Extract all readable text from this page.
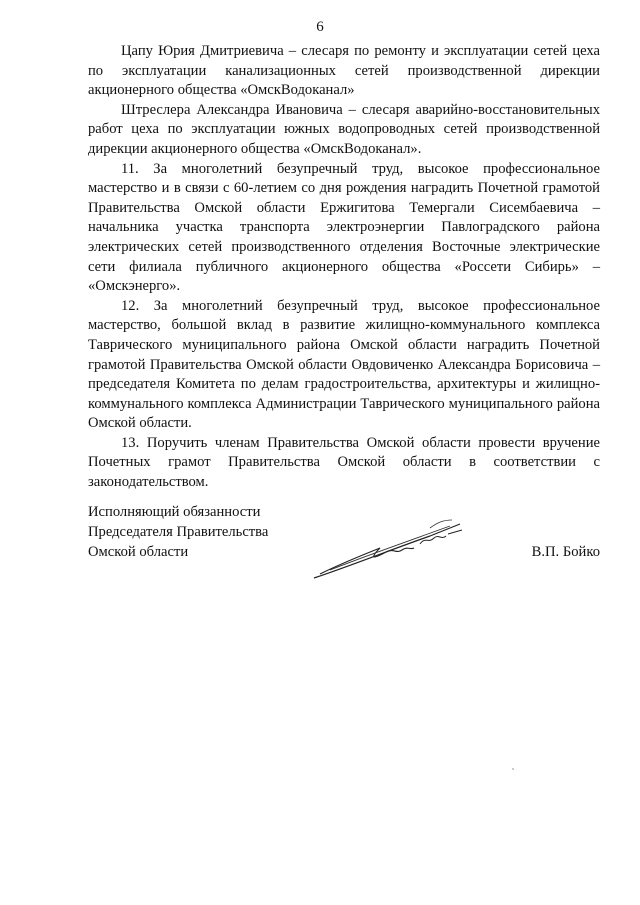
6

Цапу Юрия Дмитриевича – слесаря по ремонту и эксплуатации сетей цеха по эксплуатации канализационных сетей производственной дирекции акционерного общества «ОмскВодоканал»

Штреслера Александра Ивановича – слесаря аварийно-восстановительных работ цеха по эксплуатации южных водопроводных сетей производственной дирекции акционерного общества «ОмскВодоканал».

11. За многолетний безупречный труд, высокое профессиональное мастерство и в связи с 60-летием со дня рождения наградить Почетной грамотой Правительства Омской области Ержигитова Темергали Сисембаевича – начальника участка транспорта электроэнергии Павлоградского района электрических сетей производственного отделения Восточные электрические сети филиала публичного акционерного общества «Россети Сибирь» – «Омскэнерго».

12. За многолетний безупречный труд, высокое профессиональное мастерство, большой вклад в развитие жилищно-коммунального комплекса Таврического муниципального района Омской области наградить Почетной грамотой Правительства Омской области Овдовиченко Александра Борисовича – председателя Комитета по делам градостроительства, архитектуры и жилищно-коммунального комплекса Администрации Таврического муниципального района Омской области.

13. Поручить членам Правительства Омской области провести вручение Почетных грамот Правительства Омской области в соответствии с законодательством.

Исполняющий обязанности
Председателя Правительства
Омской области	В.П. Бойко
